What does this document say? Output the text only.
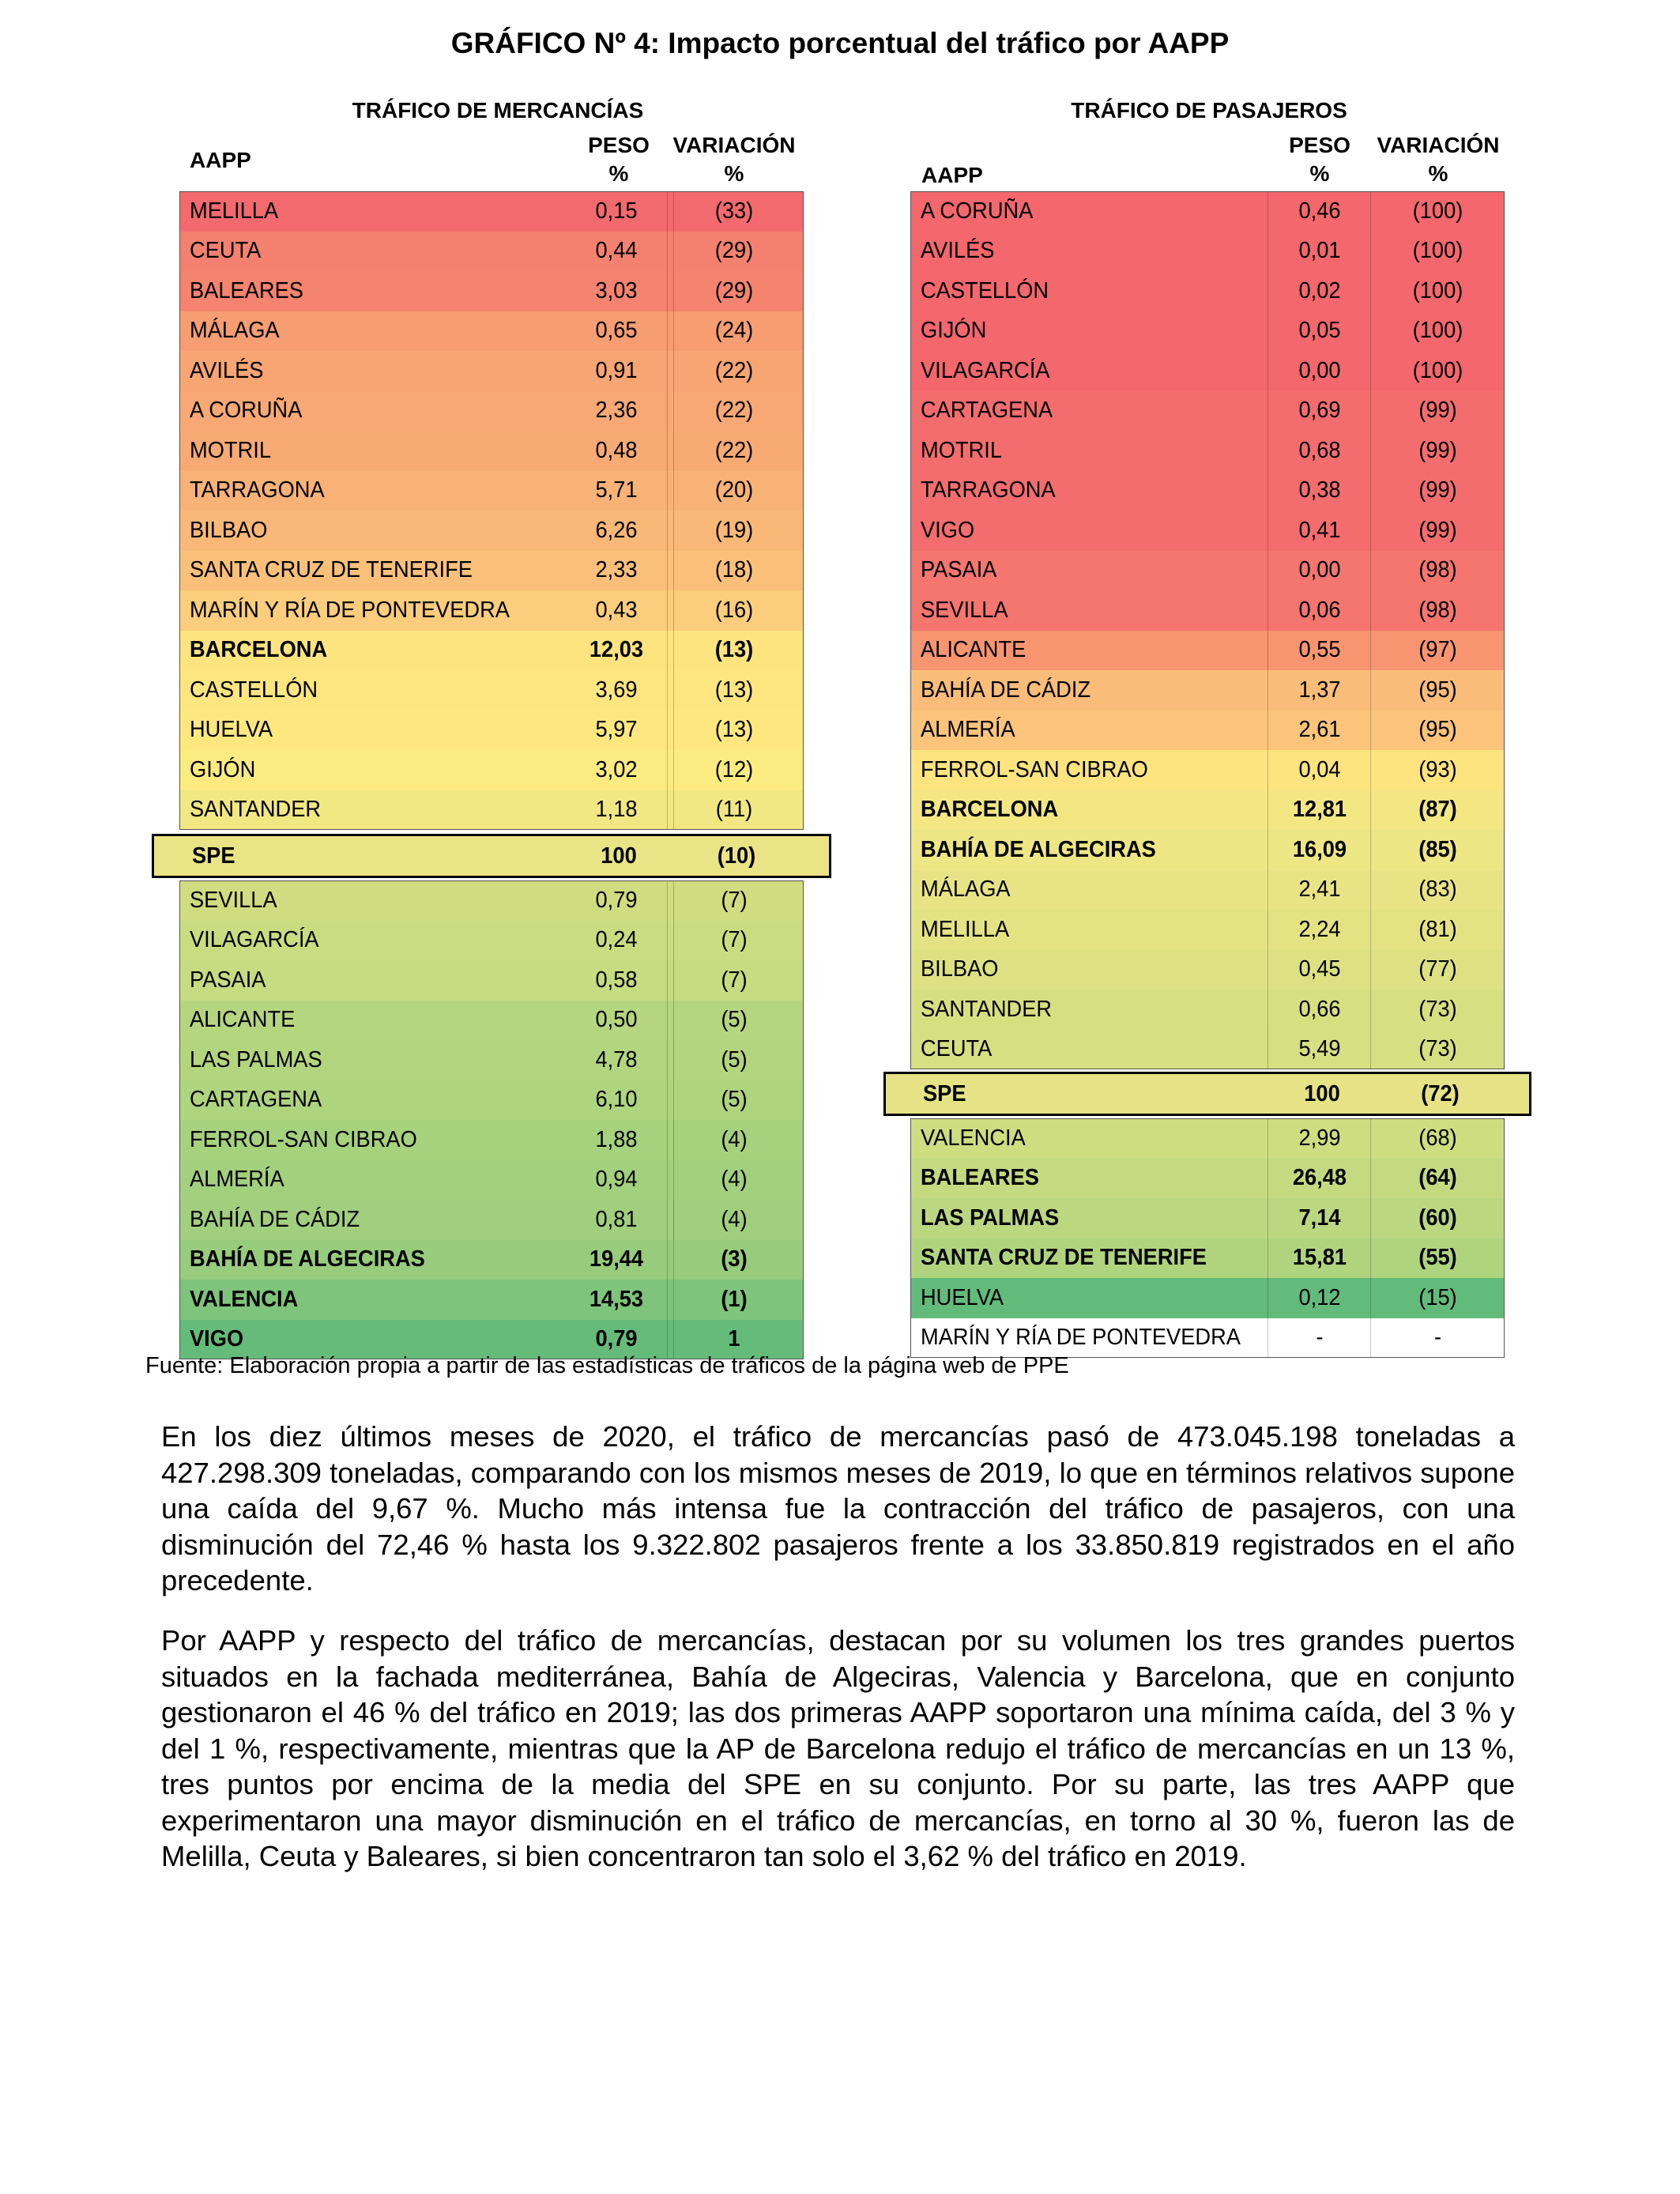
GRÁFICO Nº 4: Impacto porcentual del tráfico por AAPP
TRÁFICO DE MERCANCÍAS
AAPP
PESO
%
VARIACIÓN
%
MELILLA	0,15	(33)
CEUTA	0,44	(29)
BALEARES	3,03	(29)
MÁLAGA	0,65	(24)
AVILÉS	0,91	(22)
A CORUÑA	2,36	(22)
MOTRIL	0,48	(22)
TARRAGONA	5,71	(20)
BILBAO	6,26	(19)
SANTA CRUZ DE TENERIFE	2,33	(18)
MARÍN Y RÍA DE PONTEVEDRA	0,43	(16)
BARCELONA	12,03	(13)
CASTELLÓN	3,69	(13)
HUELVA	5,97	(13)
GIJÓN	3,02	(12)
SANTANDER	1,18	(11)
SPE	100	(10)
SEVILLA	0,79	(7)
VILAGARCÍA	0,24	(7)
PASAIA	0,58	(7)
ALICANTE	0,50	(5)
LAS PALMAS	4,78	(5)
CARTAGENA	6,10	(5)
FERROL-SAN CIBRAO	1,88	(4)
ALMERÍA	0,94	(4)
BAHÍA DE CÁDIZ	0,81	(4)
BAHÍA DE ALGECIRAS	19,44	(3)
VALENCIA	14,53	(1)
VIGO	0,79	1
TRÁFICO DE PASAJEROS
AAPP
PESO
%
VARIACIÓN
%
A CORUÑA	0,46	(100)
AVILÉS	0,01	(100)
CASTELLÓN	0,02	(100)
GIJÓN	0,05	(100)
VILAGARCÍA	0,00	(100)
CARTAGENA	0,69	(99)
MOTRIL	0,68	(99)
TARRAGONA	0,38	(99)
VIGO	0,41	(99)
PASAIA	0,00	(98)
SEVILLA	0,06	(98)
ALICANTE	0,55	(97)
BAHÍA DE CÁDIZ	1,37	(95)
ALMERÍA	2,61	(95)
FERROL-SAN CIBRAO	0,04	(93)
BARCELONA	12,81	(87)
BAHÍA DE ALGECIRAS	16,09	(85)
MÁLAGA	2,41	(83)
MELILLA	2,24	(81)
BILBAO	0,45	(77)
SANTANDER	0,66	(73)
CEUTA	5,49	(73)
SPE	100	(72)
VALENCIA	2,99	(68)
BALEARES	26,48	(64)
LAS PALMAS	7,14	(60)
SANTA CRUZ DE TENERIFE	15,81	(55)
HUELVA	0,12	(15)
MARÍN Y RÍA DE PONTEVEDRA	-	-
Fuente: Elaboración propia a partir de las estadísticas de tráficos de la página web de PPE

En los diez últimos meses de 2020, el tráfico de mercancías pasó de 473.045.198 toneladas a 427.298.309 toneladas, comparando con los mismos meses de 2019, lo que en términos relativos supone una caída del 9,67 %. Mucho más intensa fue la contracción del tráfico de pasajeros, con una disminución del 72,46 % hasta los 9.322.802 pasajeros frente a los 33.850.819 registrados en el año precedente.

Por AAPP y respecto del tráfico de mercancías, destacan por su volumen los tres grandes puertos situados en la fachada mediterránea, Bahía de Algeciras, Valencia y Barcelona, que en conjunto gestionaron el 46 % del tráfico en 2019; las dos primeras AAPP soportaron una mínima caída, del 3 % y del 1 %, respectivamente, mientras que la AP de Barcelona redujo el tráfico de mercancías en un 13 %, tres puntos por encima de la media del SPE en su conjunto. Por su parte, las tres AAPP que experimentaron una mayor disminución en el tráfico de mercancías, en torno al 30 %, fueron las de Melilla, Ceuta y Baleares, si bien concentraron tan solo el 3,62 % del tráfico en 2019.
